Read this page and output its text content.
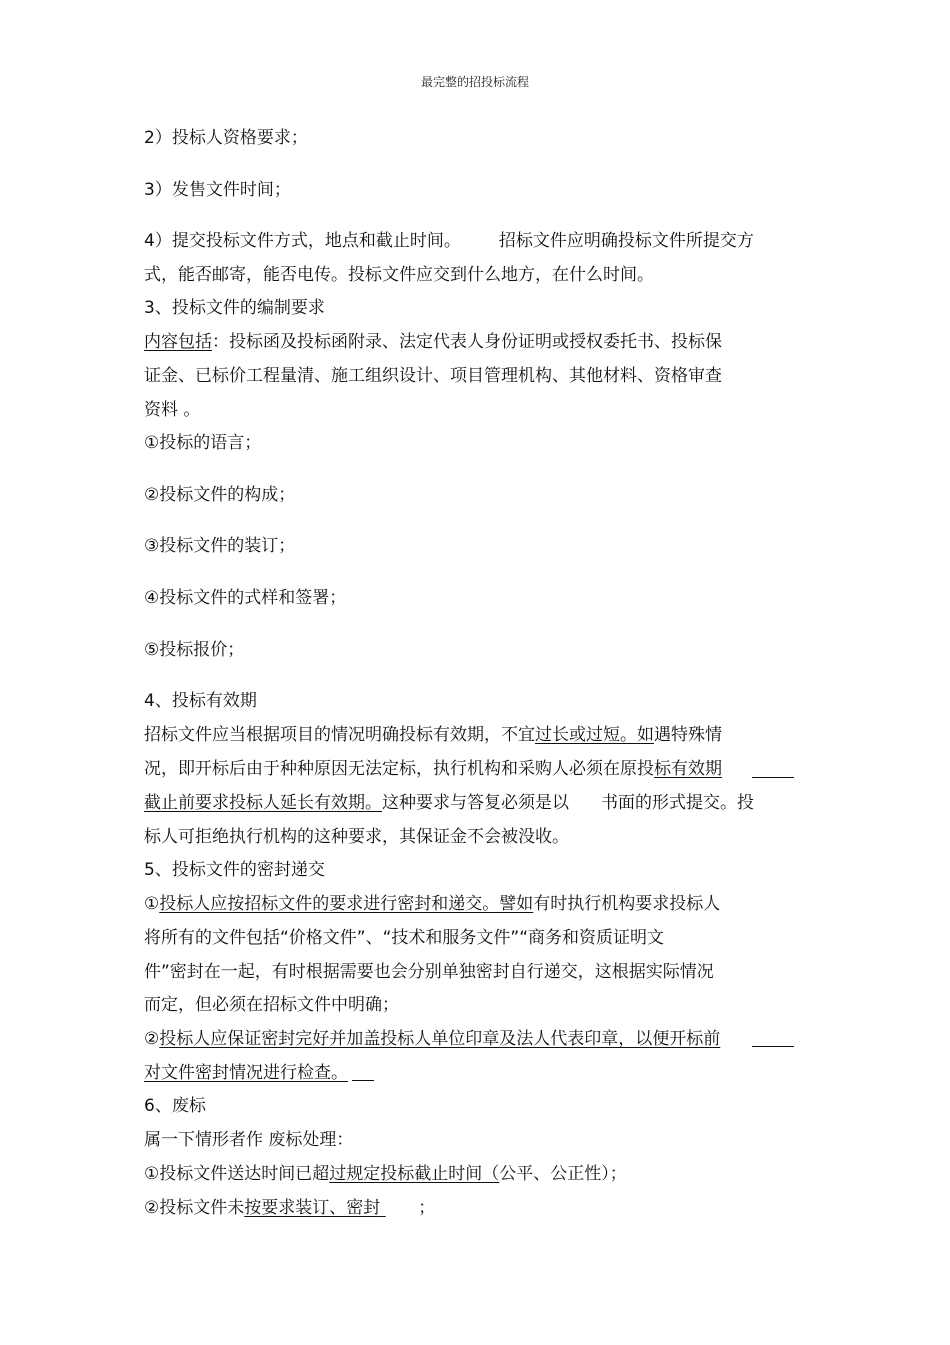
最完整的招投标流程
2）投标人资格要求；
3）发售文件时间；
4）提交投标文件方式，地点和截止时间。 招标文件应明确投标文件所提交方
式，能否邮寄，能否电传。投标文件应交到什么地方，在什么时间。
3、投标文件的编制要求
内容包括：投标函及投标函附录、法定代表人身份证明或授权委托书、投标保
证金、已标价工程量清、施工组织设计、项目管理机构、其他材料、资格审查
资料 。
①投标的语言；
②投标文件的构成；
③投标文件的装订；
④投标文件的式样和签署；
⑤投标报价；
4、投标有效期
招标文件应当根据项目的情况明确投标有效期，不宜过长或过短。如遇特殊情
况，即开标后由于种种原因无法定标，执行机构和采购人必须在原投标有效期
截止前要求投标人延长有效期。这种要求与答复必须是以 书面的形式提交。投
标人可拒绝执行机构的这种要求，其保证金不会被没收。
5、投标文件的密封递交
①投标人应按招标文件的要求进行密封和递交。譬如有时执行机构要求投标人
将所有的文件包括“价格文件”、“技术和服务文件”“商务和资质证明文
件”密封在一起，有时根据需要也会分别单独密封自行递交，这根据实际情况
而定，但必须在招标文件中明确；
②投标人应保证密封完好并加盖投标人单位印章及法人代表印章，以便开标前
对文件密封情况进行检查。
6、废标
属一下情形者作 废标处理：
①投标文件送达时间已超过规定投标截止时间（公平、公正性）；
②投标文件未按要求装订、密封 ；
